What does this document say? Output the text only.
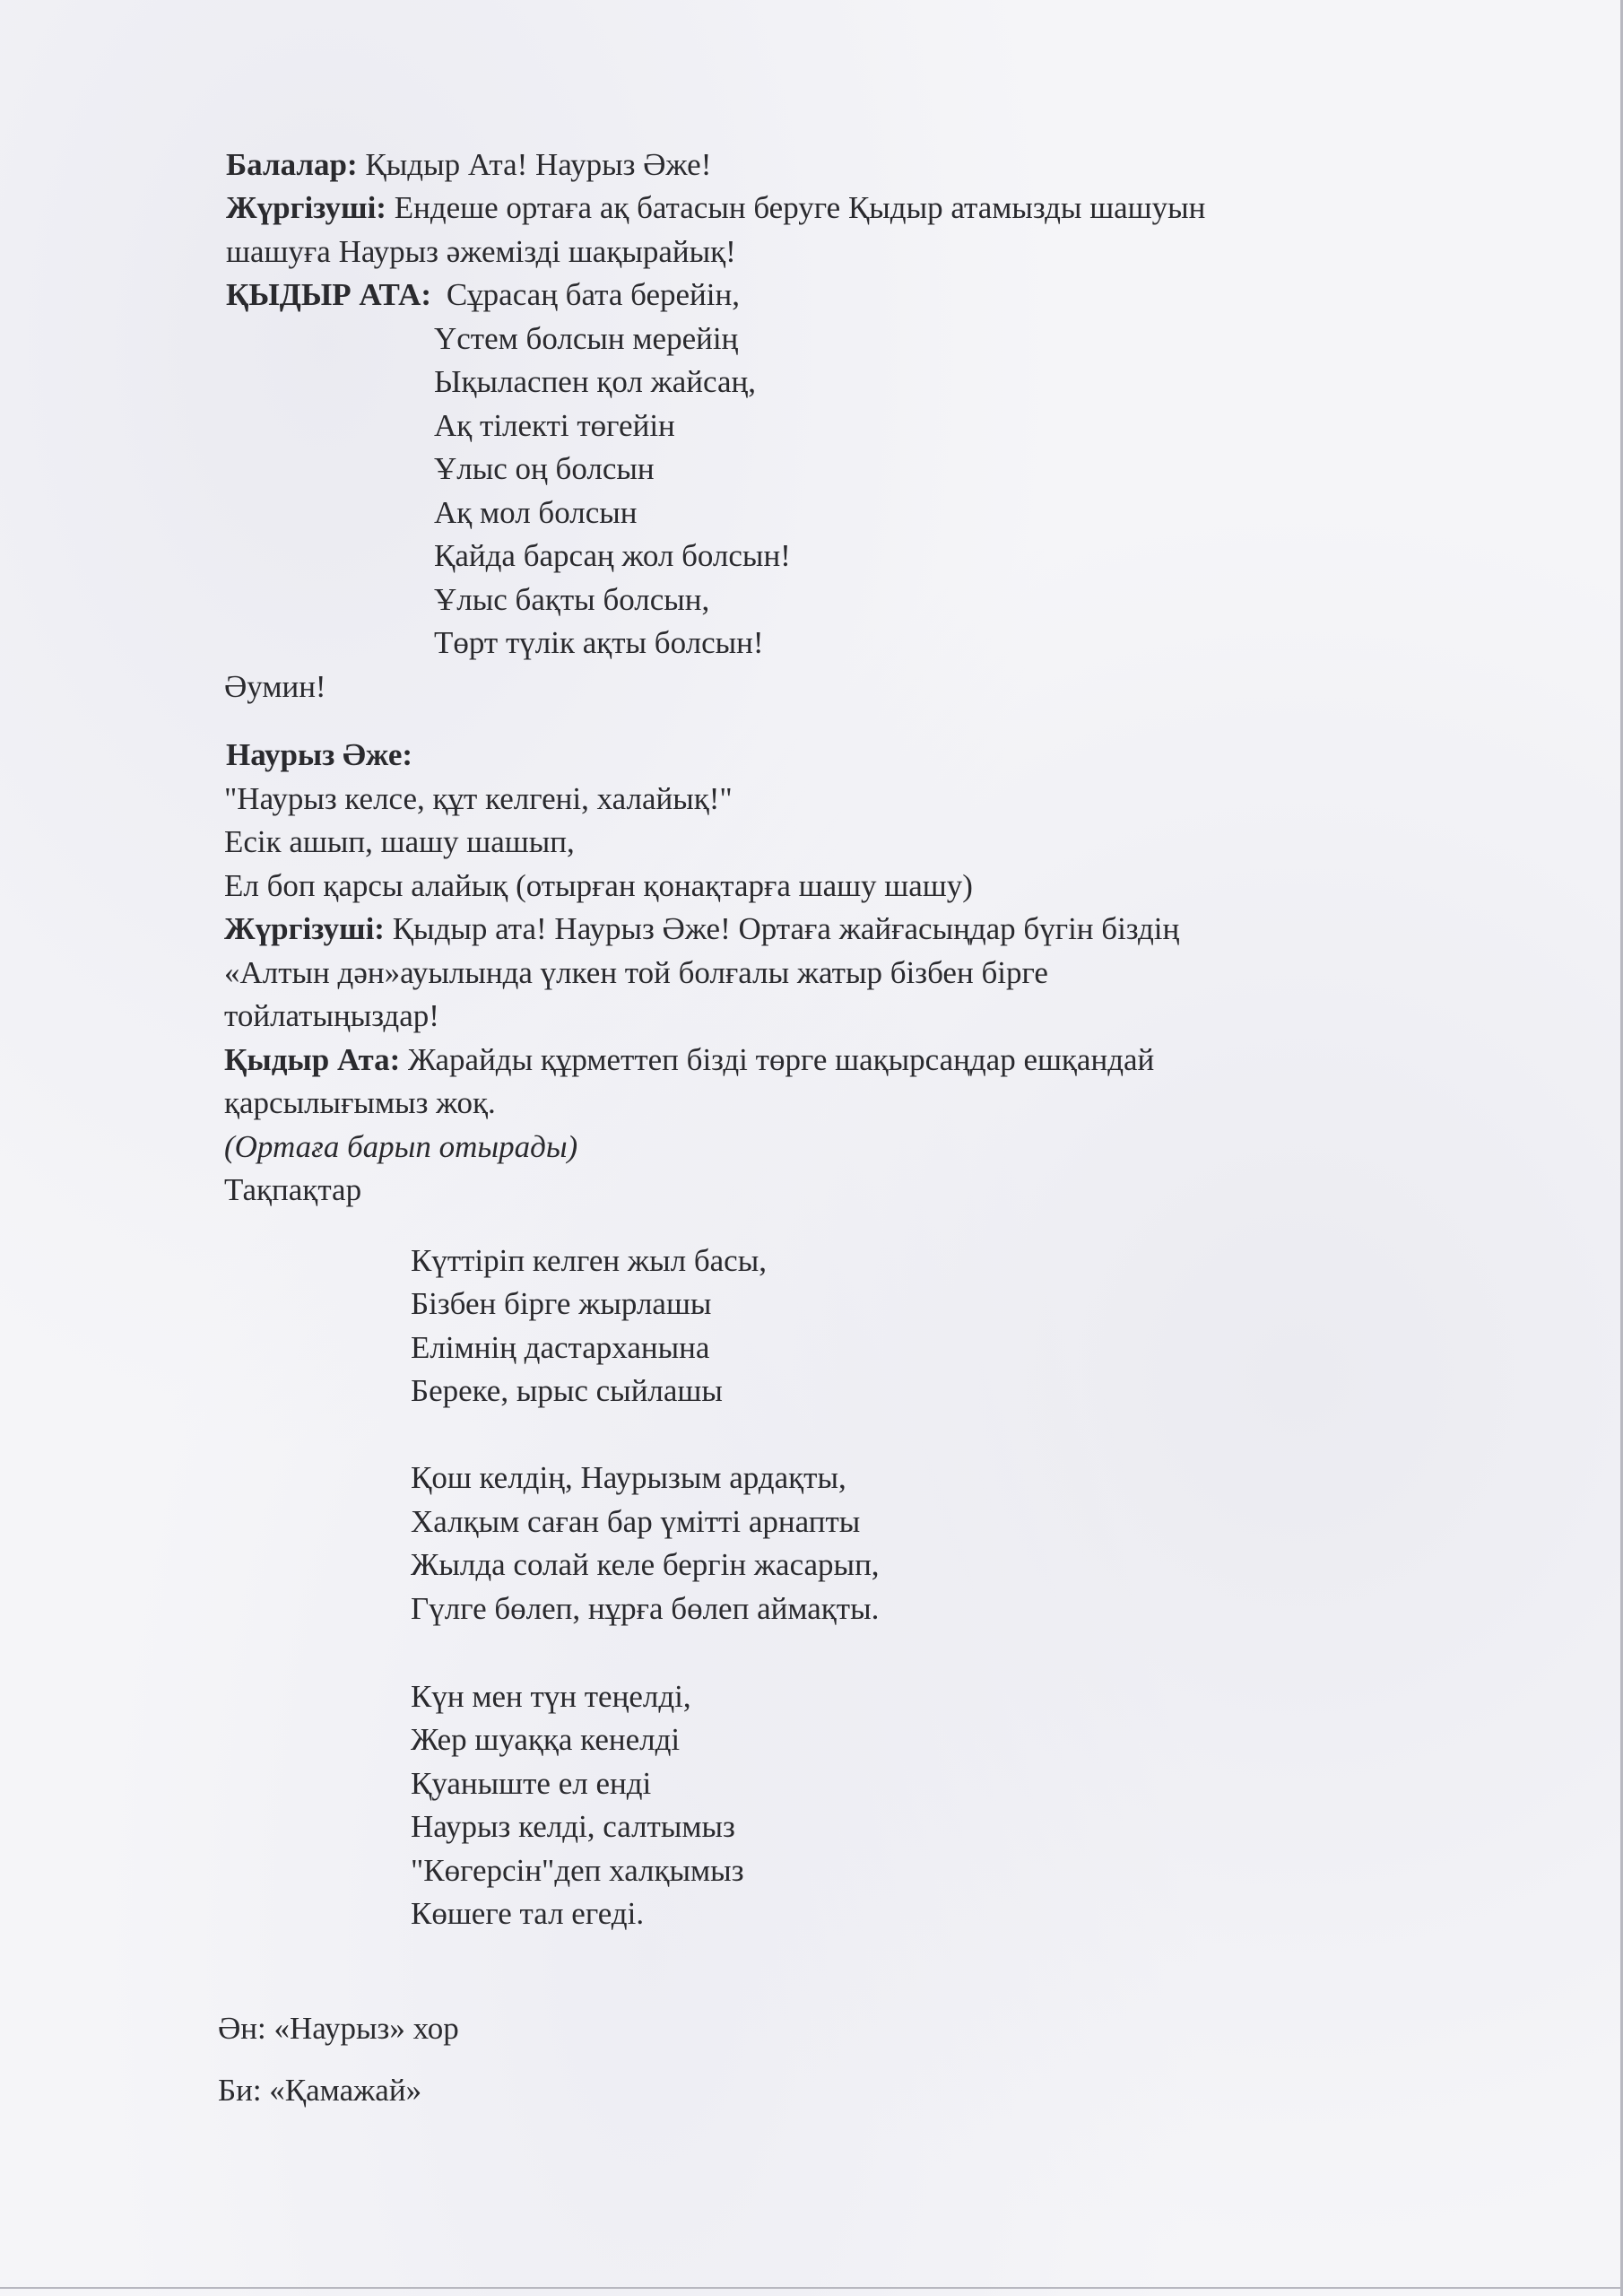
Балалар: Қыдыр Ата! Наурыз Әже!
Жүргізуші: Ендеше ортаға ақ батасын беруге Қыдыр атамызды шашуын
шашуға Наурыз әжемізді шақырайық!
ҚЫДЫР АТА: Сұрасаң бата берейін,
Үстем болсын мерейің
Ықыласпен қол жайсаң,
Ақ тілекті төгейін
Ұлыс оң болсын
Ақ мол болсын
Қайда барсаң жол болсын!
Ұлыс бақты болсын,
Төрт түлік ақты болсын!
Әумин!
Наурыз Әже:
"Наурыз келсе, құт келгені, халайық!"
Есік ашып, шашу шашып,
Ел боп қарсы алайық (отырған қонақтарға шашу шашу)
Жүргізуші: Қыдыр ата! Наурыз Әже! Ортаға жайғасыңдар бүгін біздің
«Алтын дән»ауылында үлкен той болғалы жатыр бізбен бірге
тойлатыңыздар!
Қыдыр Ата: Жарайды құрметтеп бізді төрге шақырсаңдар ешқандай
қарсылығымыз жоқ.
(Ортаға барып отырады)
Тақпақтар
Күттіріп келген жыл басы,
Бізбен бірге жырлашы
Елімнің дастарханына
Береке, ырыс сыйлашы
Қош келдің, Наурызым ардақты,
Халқым саған бар үмітті арнапты
Жылда солай келе бергін жасарып,
Гүлге бөлеп, нұрға бөлеп аймақты.
Күн мен түн теңелді,
Жер шуаққа кенелді
Қуаныште ел енді
Наурыз келді, салтымыз
"Көгерсін"деп халқымыз
Көшеге тал егеді.
Ән: «Наурыз» хор
Би: «Қамажай»
